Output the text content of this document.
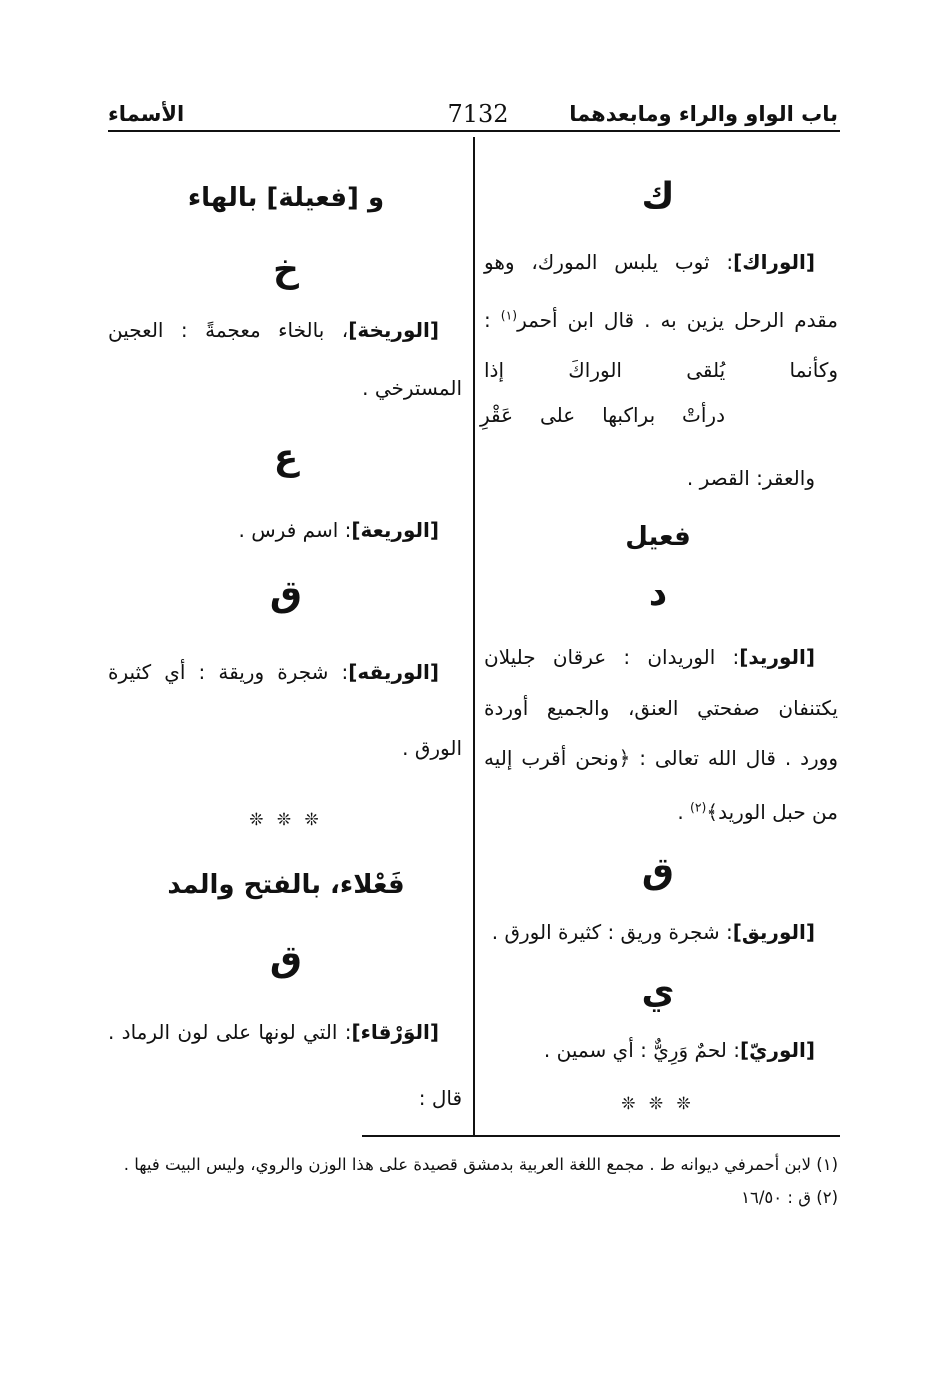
باب الواو والراء ومابعدهما
7132
الأسماء
ك
[الوراك]: ثوب يلبس المورك، وهو
مقدم الرحل يزين به . قال ابن أحمر$^{(١)}$ :
وكأنما يُلقى الوراكَ إذا
درأتْ براكبها على عَقْرِ
والعقر: القصر .
فعيل
د
[الوريد]: الوريدان : عرقان جليلان
يكتنفان صفحتي العنق، والجميع أوردة
وورد . قال الله تعالى : ﴿ونحن أقرب إليه
من حبل الوريد﴾$^{(٢)}$ .
ق
[الوريق]: شجرة وريق : كثيرة الورق .
ي
[الوريّ]: لحمٌ وَرِيٌّ : أي سمين .
❊ ❊ ❊
و [فعيلة] بالهاء
خ
[الوريخة]، بالخاء معجمةً : العجين
المسترخي .
ع
[الوريعة]: اسم فرس .
ق
[الوريقه]: شجرة وريقة : أي كثيرة
الورق .
❊ ❊ ❊
فَعْلاء، بالفتح والمد
ق
[الوَرْقاء]: التي لونها على لون الرماد .
قال :
(١) لابن أحمرفي ديوانه ط . مجمع اللغة العربية بدمشق قصيدة على هذا الوزن والروي، وليس البيت فيها .
(٢) ق : ١٦/٥٠
